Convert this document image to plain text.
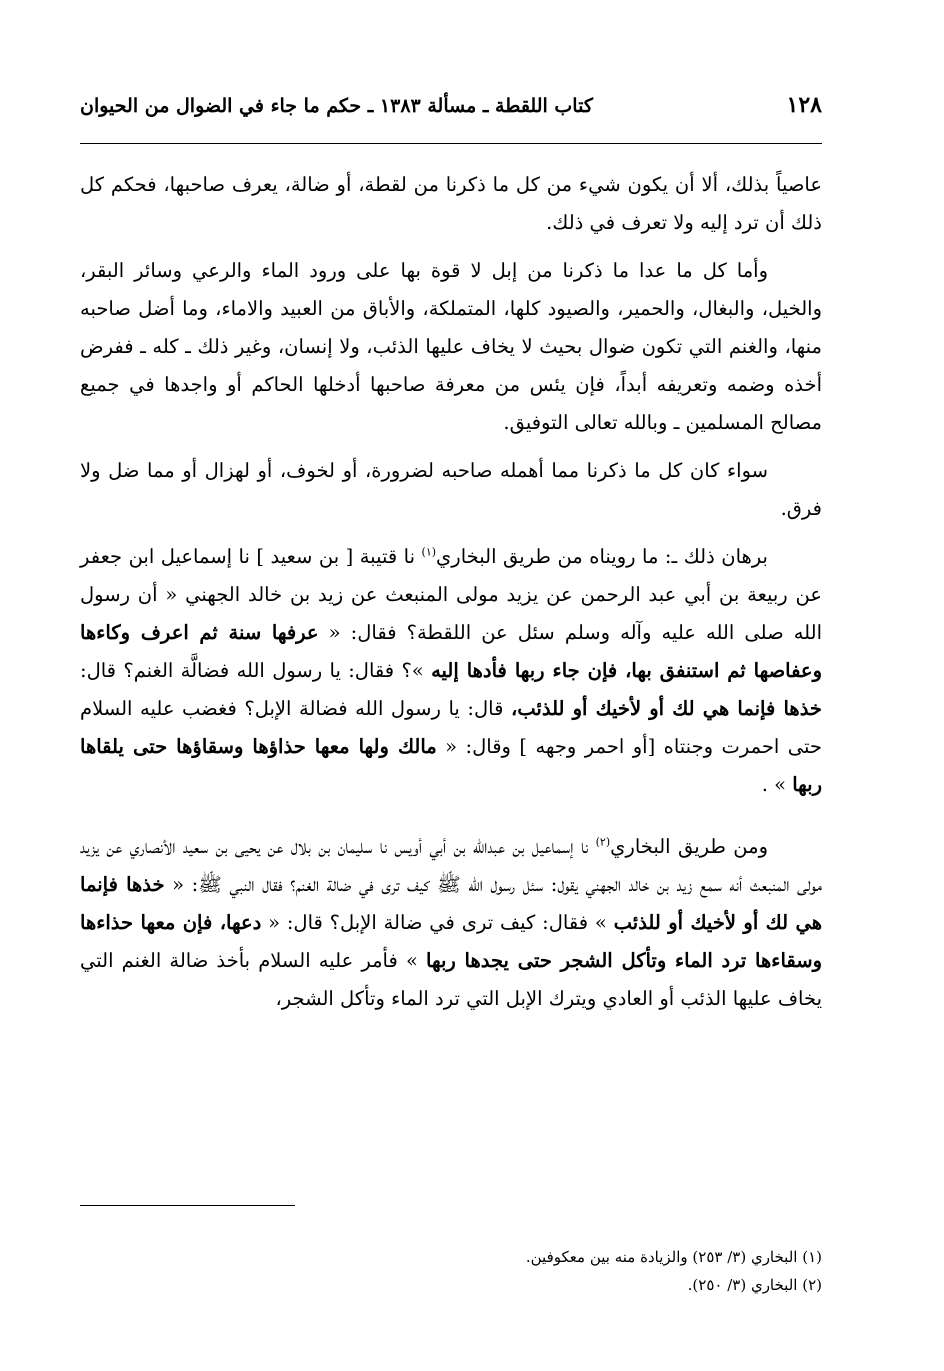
١٢٨
كتاب اللقطة ـ مسألة ١٣٨٣ ـ حكم ما جاء في الضوال من الحيوان

عاصياً بذلك، ألا أن يكون شيء من كل ما ذكرنا من لقطة، أو ضالة، يعرف صاحبها، فحكم كل ذلك أن ترد إليه ولا تعرف في ذلك.

وأما كل ما عدا ما ذكرنا من إبل لا قوة بها على ورود الماء والرعي وسائر البقر، والخيل، والبغال، والحمير، والصيود كلها، المتملكة، والأباق من العبيد والاماء، وما أضل صاحبه منها، والغنم التي تكون ضوال بحيث لا يخاف عليها الذئب، ولا إنسان، وغير ذلك ـ كله ـ ففرض أخذه وضمه وتعريفه أبداً، فإن يئس من معرفة صاحبها أدخلها الحاكم أو واجدها في جميع مصالح المسلمين ـ وبالله تعالى التوفيق.

سواء كان كل ما ذكرنا مما أهمله صاحبه لضرورة، أو لخوف، أو لهزال أو مما ضل ولا فرق.

برهان ذلك ـ: ما رويناه من طريق البخاري$^{(١)}$ نا قتيبة [ بن سعيد ] نا إسماعيل ابن جعفر عن ربيعة بن أبي عبد الرحمن عن يزيد مولى المنبعث عن زيد بن خالد الجهني « أن رسول الله صلى الله عليه وآله وسلم سئل عن اللقطة؟ فقال: « عرفها سنة ثم اعرف وكاءها وعفاصها ثم استنفق بها، فإن جاء ربها فأدها إليه »؟ فقال: يا رسول الله فضالَّة الغنم؟ قال: خذها فإنما هي لك أو لأخيك أو للذئب، قال: يا رسول الله فضالة الإبل؟ فغضب عليه السلام حتى احمرت وجنتاه [أو احمر وجهه ] وقال: « مالك ولها معها حذاؤها وسقاؤها حتى يلقاها ربها » .

ومن طريق البخاري$^{(٢)}$ نا إسماعيل بن عبدالله بن أبي أويس نا سليمان بن بلال عن يحيى بن سعيد الأنصاري عن يزيد مولى المنبعث أنه سمع زيد بن خالد الجهني يقول: سئل رسول الله ﷺ كيف ترى في ضالة الغنم؟ فقال النبي ﷺ: « خذها فإنما هي لك أو لأخيك أو للذئب » فقال: كيف ترى في ضالة الإبل؟ قال: « دعها، فإن معها حذاءها وسقاءها ترد الماء وتأكل الشجر حتى يجدها ربها » فأمر عليه السلام بأخذ ضالة الغنم التي يخاف عليها الذئب أو العادي ويترك الإبل التي ترد الماء وتأكل الشجر،

(١) البخاري (٣/ ٢٥٣) والزيادة منه بين معكوفين.

(٢) البخاري (٣/ ٢٥٠).
